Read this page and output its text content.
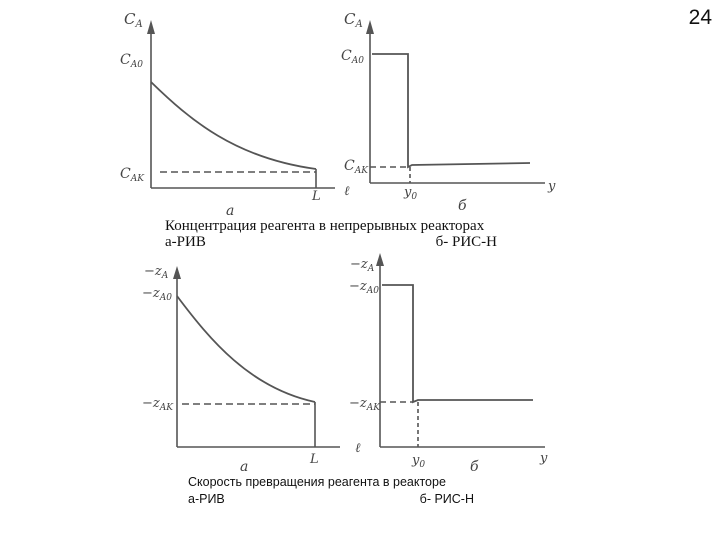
24
$C_A$
$C_{A0}$
$C_{AK}$
L ℓ
а
$C_A$
$C_{A0}$
$C_{AK}$
$y_0$
y
б
$-z_A$
$-z_{A0}$
$-z_{AK}$
L
ℓ
а
$-z_A$
$-z_{A0}$
$-z_{AK}$
$y_0$	y
б
Концентрация реагента в непрерывных реакторах
а-РИВ	б- РИС-Н
Скорость превращения реагента в реакторе
а-РИВ	б- РИС-Н
